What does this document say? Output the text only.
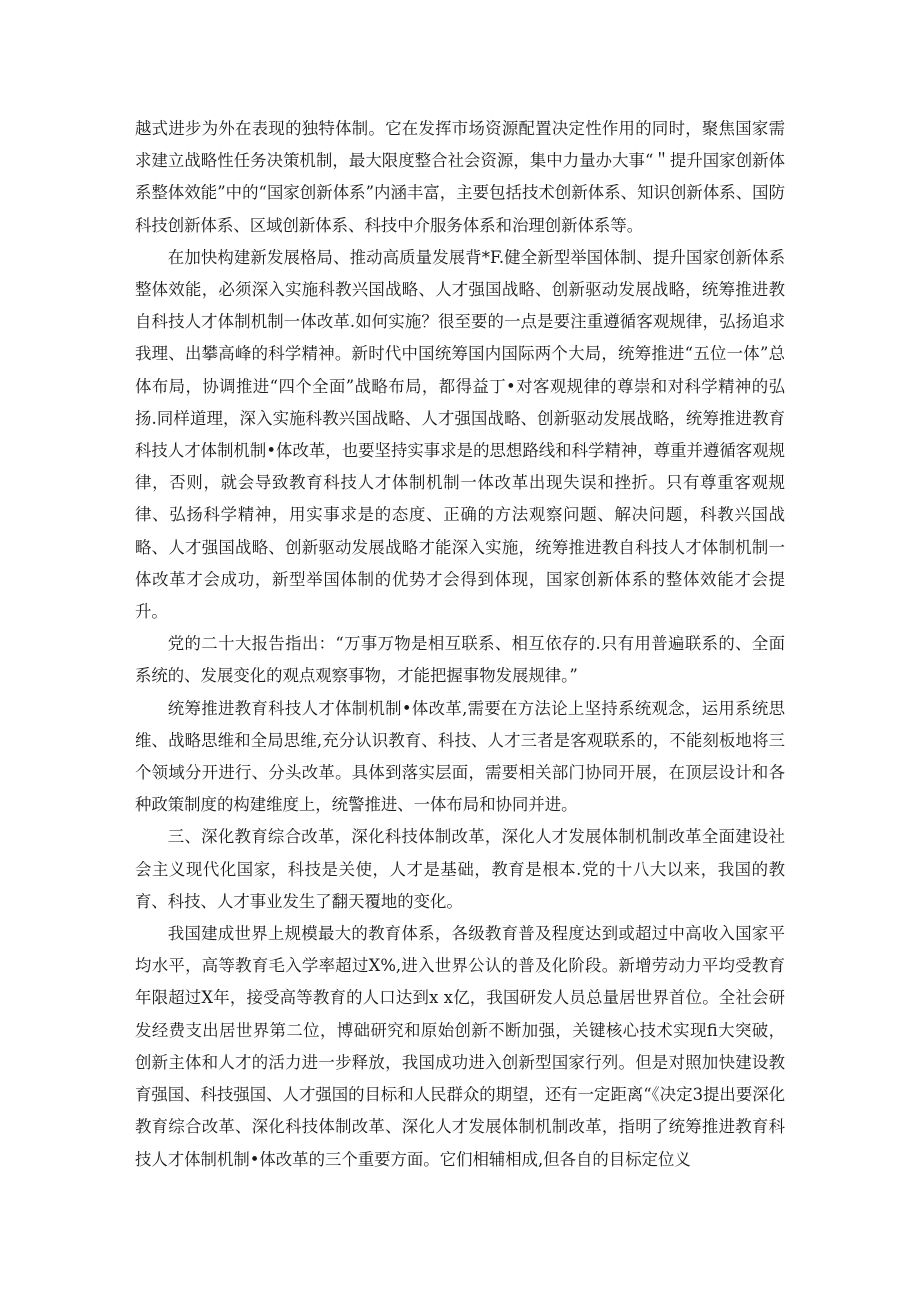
越式进步为外在表现的独特体制。它在发挥市场资源配置决定性作用的同时，聚焦国家需求建立战略性任务决策机制，最大限度整合社会资源，集中力量办大事“＂提升国家创新体系整体效能”中的“国家创新体系”内涵丰富，主要包括技术创新体系、知识创新体系、国防科技创新体系、区域创新体系、科技中介服务体系和治理创新体系等。

在加快构建新发展格局、推动高质量发展背*F.健全新型举国体制、提升国家创新体系整体效能，必须深入实施科教兴国战略、人才强国战略、创新驱动发展战略，统筹推进教自科技人才体制机制一体改革.如何实施？很至要的一点是要注重遵循客观规律，弘扬追求我理、出攀高峰的科学精神。新时代中国统筹国内国际两个大局，统筹推进“五位一体”总体布局，协调推进“四个全面”战略布局，都得益丁•对客观规律的尊崇和对科学精神的弘扬.同样道理，深入实施科教兴国战略、人才强国战略、创新驱动发展战略，统筹推进教育科技人才体制机制•体改革，也要坚持实事求是的思想路线和科学精神，尊重并遵循客观规律，否则，就会导致教育科技人才体制机制一体改革出现失误和挫折。只有尊重客观规律、弘扬科学精神，用实事求是的态度、正确的方法观察问题、解决问题，科教兴国战略、人才强国战略、创新驱动发展战略才能深入实施，统筹推进教自科技人才体制机制一体改革才会成功，新型举国体制的优势才会得到体现，国家创新体系的整体效能才会提升。

党的二十大报告指出：“万事万物是相互联系、相互依存的.只有用普遍联系的、全面系统的、发展变化的观点观察事物，才能把握事物发展规律。”

统筹推进教育科技人才体制机制•体改革,需要在方法论上坚持系统观念，运用系统思维、战略思维和全局思维,充分认识教育、科技、人才三者是客观联系的，不能刻板地将三个领域分开进行、分头改革。具体到落实层面，需要相关部门协同开展，在顶层设计和各种政策制度的构建维度上，统警推进、一体布局和协同并进。

三、深化教育综合改革，深化科技体制改革，深化人才发展体制机制改革全面建设社会主义现代化国家，科技是关使，人才是基础，教育是根本.党的十八大以来，我国的教育、科技、人才事业发生了翻天覆地的变化。

我国建成世界上规模最大的教育体系，各级教育普及程度达到或超过中高收入国家平均水平，高等教育毛入学率超过X%,进入世界公认的普及化阶段。新增劳动力平均受教育年限超过X年，接受高等教育的人口达到x x亿，我国研发人员总量居世界首位。全社会研发经费支出居世界第二位，博础研究和原始创新不断加强，关键核心技术实现fi大突破，创新主体和人才的活力进一步释放，我国成功进入创新型国家行列。但是对照加快建设教育强国、科技强国、人才强国的目标和人民群众的期望，还有一定距离“《决定3提出要深化教育综合改革、深化科技体制改革、深化人才发展体制机制改革，指明了统筹推进教育科技人才体制机制•体改革的三个重要方面。它们相辅相成,但各自的目标定位义
